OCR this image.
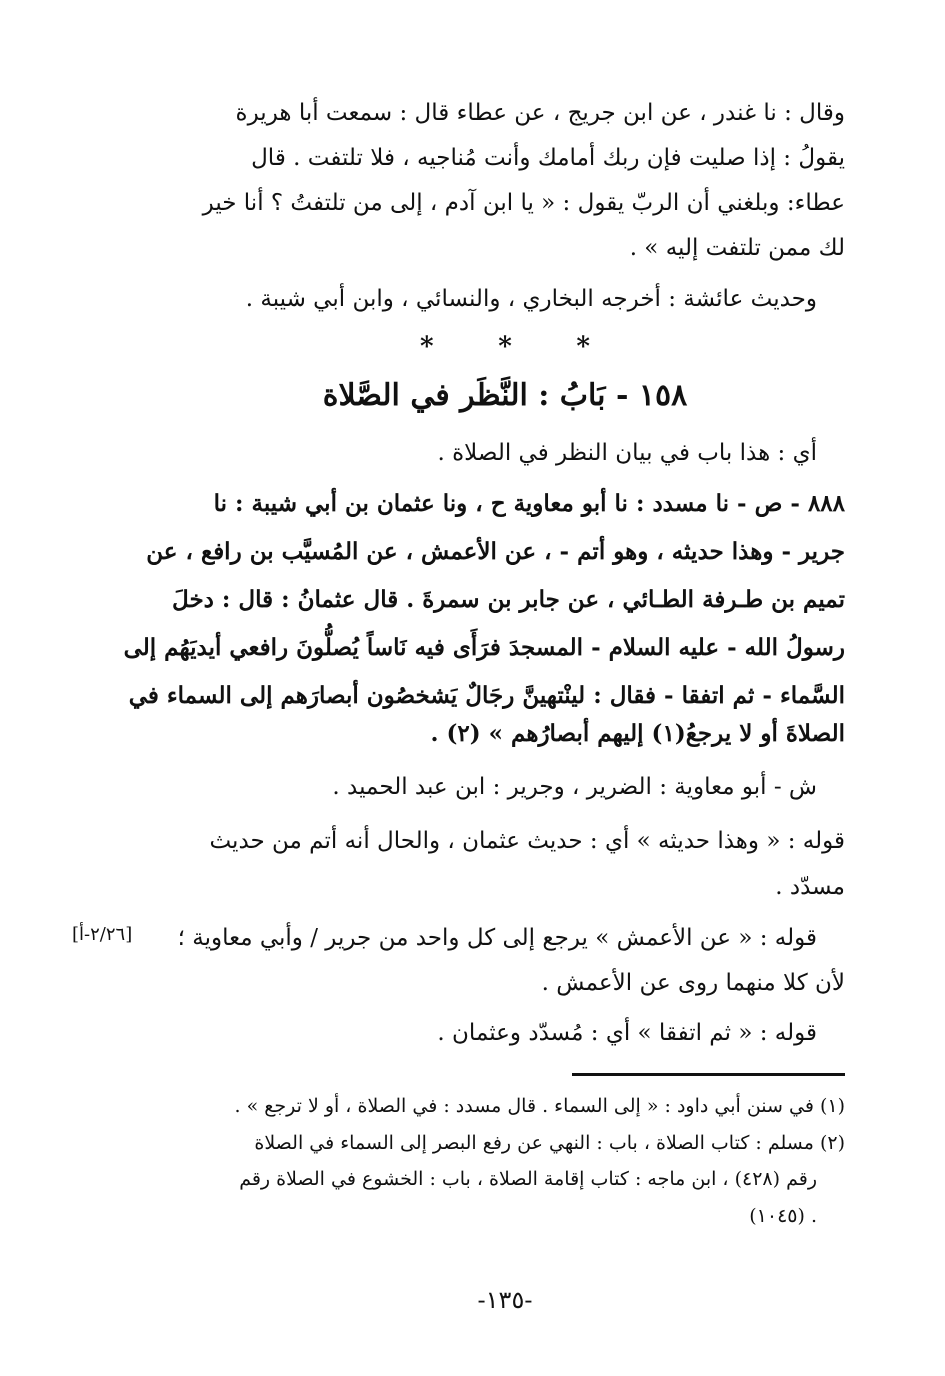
وقال : نا غندر ، عن ابن جريج ، عن عطاء قال : سمعت أبا هريرة
يقولُ : إذا صليت فإن ربك أمامك وأنت مُناجيه ، فلا تلتفت . قال
عطاء: وبلغني أن الربّ يقول : « يا ابن آدم ، إلى من تلتفتُ ؟ أنا خير
لك ممن تلتفت إليه » .
وحديث عائشة : أخرجه البخاري ، والنسائي ، وابن أبي شيبة .
* * *
١٥٨ - بَابُ : النَّظَر في الصَّلاة
أي : هذا باب في بيان النظر في الصلاة .
٨٨٨ - ص - نا مسدد : نا أبو معاوية ح ، ونا عثمان بن أبي شيبة : نا
جرير - وهذا حديثه ، وهو أتم - ، عن الأعمش ، عن المُسيَّب بن رافع ، عن
تميم بن طـرفة الطـائي ، عن جابر بن سمرةَ . قال عثمانُ : قال : دخلَ
رسولُ الله - عليه السلام - المسجدَ فرَأَى فيه نَاساً يُصلُّونَ رافعي أيديَهُم إلى
السَّماء - ثم اتفقا - فقال : لينْتهينَّ رجَالٌ يَشخصُون أبصارَهم إلى السماء في
الصلاةَ أو لا يرجعُ(١) إليهم أبصارُهم » (٢) .
ش - أبو معاوية : الضرير ، وجرير : ابن عبد الحميد .
قوله : « وهذا حديثه » أي : حديث عثمان ، والحال أنه أتم من حديث
مسدّد .
قوله : « عن الأعمش » يرجع إلى كل واحد من جرير / وأبي معاوية ؛
لأن كلا منهما روى عن الأعمش .
[٢/٢٦-أ]
قوله : « ثم اتفقا » أي : مُسدّد وعثمان .
(١) في سنن أبي داود : « إلى السماء . قال مسدد : في الصلاة ، أو لا ترجع » .
(٢) مسلم : كتاب الصلاة ، باب : النهي عن رفع البصر إلى السماء في الصلاة
رقم (٤٢٨) ، ابن ماجه : كتاب إقامة الصلاة ، باب : الخشوع في الصلاة رقم
(١٠٤٥) .
-١٣٥-
